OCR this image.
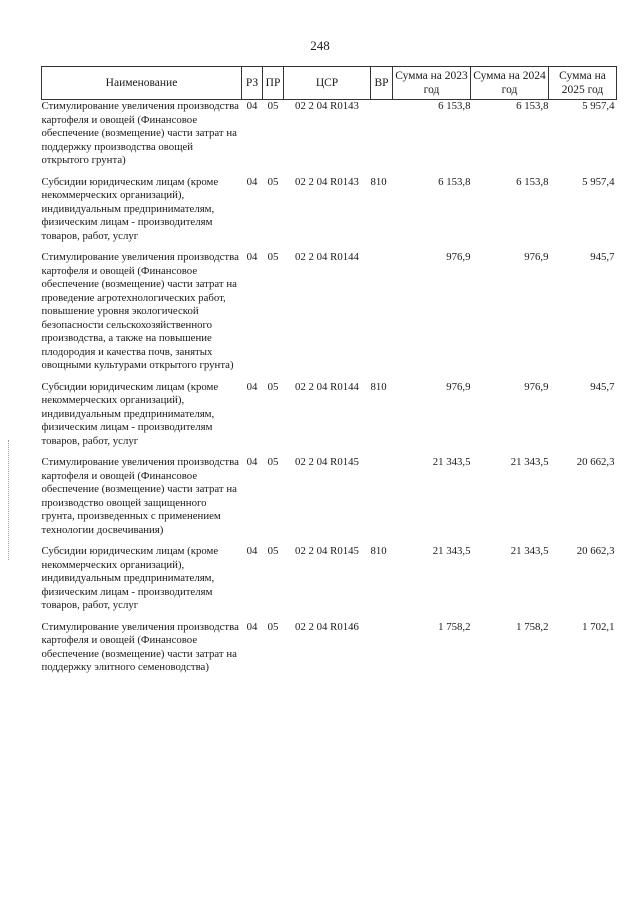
248
Наименование	РЗ	ПР	ЦСР	ВР	Сумма на 2023 год	Сумма на 2024 год	Сумма на 2025 год
Стимулирование увеличения производства картофеля и овощей (Финансовое обеспечение (возмещение) части затрат на поддержку производства овощей открытого грунта)	04	05	02 2 04 R0143		6 153,8	6 153,8	5 957,4
Субсидии юридическим лицам (кроме некоммерческих организаций), индивидуальным предпринимателям, физическим лицам - производителям товаров, работ, услуг	04	05	02 2 04 R0143	810	6 153,8	6 153,8	5 957,4
Стимулирование увеличения производства картофеля и овощей (Финансовое обеспечение (возмещение) части затрат на проведение агротехнологических работ, повышение уровня экологической безопасности сельскохозяйственного производства, а также на повышение плодородия и качества почв, занятых овощными культурами открытого грунта)	04	05	02 2 04 R0144		976,9	976,9	945,7
Субсидии юридическим лицам (кроме некоммерческих организаций), индивидуальным предпринимателям, физическим лицам - производителям товаров, работ, услуг	04	05	02 2 04 R0144	810	976,9	976,9	945,7
Стимулирование увеличения производства картофеля и овощей (Финансовое обеспечение (возмещение) части затрат на производство овощей защищенного грунта, произведенных с применением технологии досвечивания)	04	05	02 2 04 R0145		21 343,5	21 343,5	20 662,3
Субсидии юридическим лицам (кроме некоммерческих организаций), индивидуальным предпринимателям, физическим лицам - производителям товаров, работ, услуг	04	05	02 2 04 R0145	810	21 343,5	21 343,5	20 662,3
Стимулирование увеличения производства картофеля и овощей (Финансовое обеспечение (возмещение) части затрат на поддержку элитного семеноводства)	04	05	02 2 04 R0146		1 758,2	1 758,2	1 702,1
